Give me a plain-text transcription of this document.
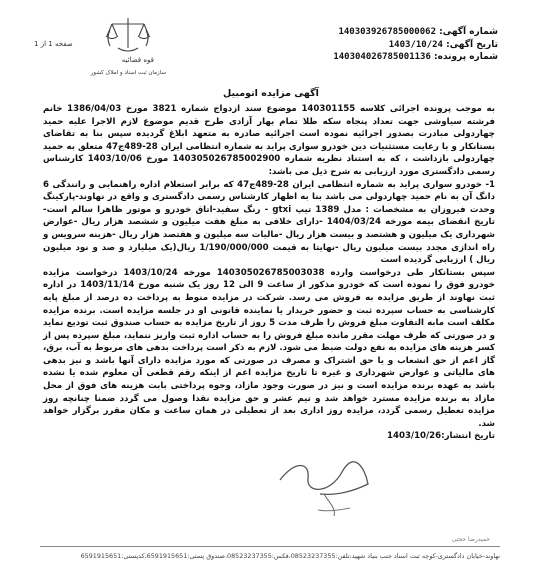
شماره آگهی: 140303926785000062
تاریخ آگهی: 1403/10/24
شماره پرونده: 140304026785001136
قوه قضائیه
سازمان ثبت اسناد و املاک کشور
صفحه 1 از 1
آگهی مزایده اتومبیل

به موجب پرونده اجرائی کلاسه 140301155 موضوع سند ازدواج شماره 3821 مورخ 1386/04/03 خانم فرشته سیاوشی جهت تعداد پنجاه سکه طلا تمام بهار آزادی طرح قدیم موضوع لازم الاجرا علیه حمید چهاردولی مبادرت بصدور اجرائیه نموده است اجرائیه صادره به متعهد ابلاغ گردیده سپس بنا به تقاضای بستانکار و با رعایت مستثنیات دین خودرو سواری پراید به شماره انتظامی ایران 28-489ج47 متعلق به حمید چهاردولی بازداشت ، که به استناد نظریه شماره 140305026785002900 مورخ 1403/10/06 کارشناس رسمی دادگستری مورد ارزیابی به شرح ذیل می باشد:

1- خودرو سواری پراید به شماره انتظامی ایران 28-489ج47 که برابر استعلام اداره راهنمایی و رانندگی 6 دانگ آن به نام حمید چهاردولی می باشد بنا به اظهار کارشناس رسمی دادگستری و واقع در نهاوند-پارکینگ وحدت فیروزان به مشخصات : مدل 1389 تیپ gtxi - رنگ سفید-اتاق خودرو و موتور ظاهرا سالم است-تاریخ انقضای بیمه مورخه 1404/03/24 -دارای خلافی به مبلغ هفت میلیون و ششصد هزار ریال -عوارض شهرداری یک میلیون و هشتصد و بیست هزار ریال -مالیات سه میلیون و هفتصد هزار ریال -هزینه سرویس و راه اندازی مجدد بیست میلیون ریال -نهایتا به قیمت 1/190/000/000 ریال(یک میلیارد و صد و نود میلیون ریال ) ارزیابی گردیده است

سپس بستانکار طی درخواست وارده 140305026785003038 مورخه 1403/10/24 درخواست مزایده خودرو فوق را نموده است که خودرو مذکور از ساعت 9 الی 12 روز یک شنبه مورخ 1403/11/14 در اداره ثبت نهاوند از طریق مزایده به فروش می رسد. شرکت در مزایده منوط به پرداخت ده درصد از مبلغ پایه کارشناسی به حساب سپرده ثبت و حضور خریدار یا نماینده قانونی او در جلسه مزایده است. برنده مزایده مکلف است مابه التفاوت مبلغ فروش را ظرف مدت 5 روز از تاریخ مزایده به حساب صندوق ثبت تودیع نماید و در صورتی که ظرف مهلت مقرر مانده مبلغ فروش را به حساب اداره ثبت واریز ننماید، مبلغ سپرده پس از کسر هزینه های مزایده به نفع دولت ضبط می شود. لازم به ذکر است پرداخت بدهی های مربوط به آب، برق، گاز اعم از حق انشعاب و یا حق اشتراک و مصرف در صورتی که مورد مزایده دارای آنها باشد و نیز بدهی های مالیاتی و عوارض شهرداری و غیره تا تاریخ مزایده اعم از اینکه رقم قطعی آن معلوم شده یا نشده باشد به عهده برنده مزایده است و نیز در صورت وجود مازاد، وجوه پرداختی بابت هزینه های فوق از محل مازاد به برنده مزایده مسترد خواهد شد و تیم عشر و حق مزایده نقدا وصول می گردد ضمنا چنانچه روز مزایده تعطیل رسمی گردد، مزایده روز اداری بعد از تعطیلی در همان ساعت و مکان مقرر برگزار خواهد شد.

تاریخ انتشار:1403/10/26

حمیدرضا حجتی
نهاوند-خیابان دادگستری-کوچه ثبت اسناد جنب بنیاد شهید،تلفن:08523237355،فکس:08523237355،صندوق پستی:6591915651،کدپستی:6591915651
